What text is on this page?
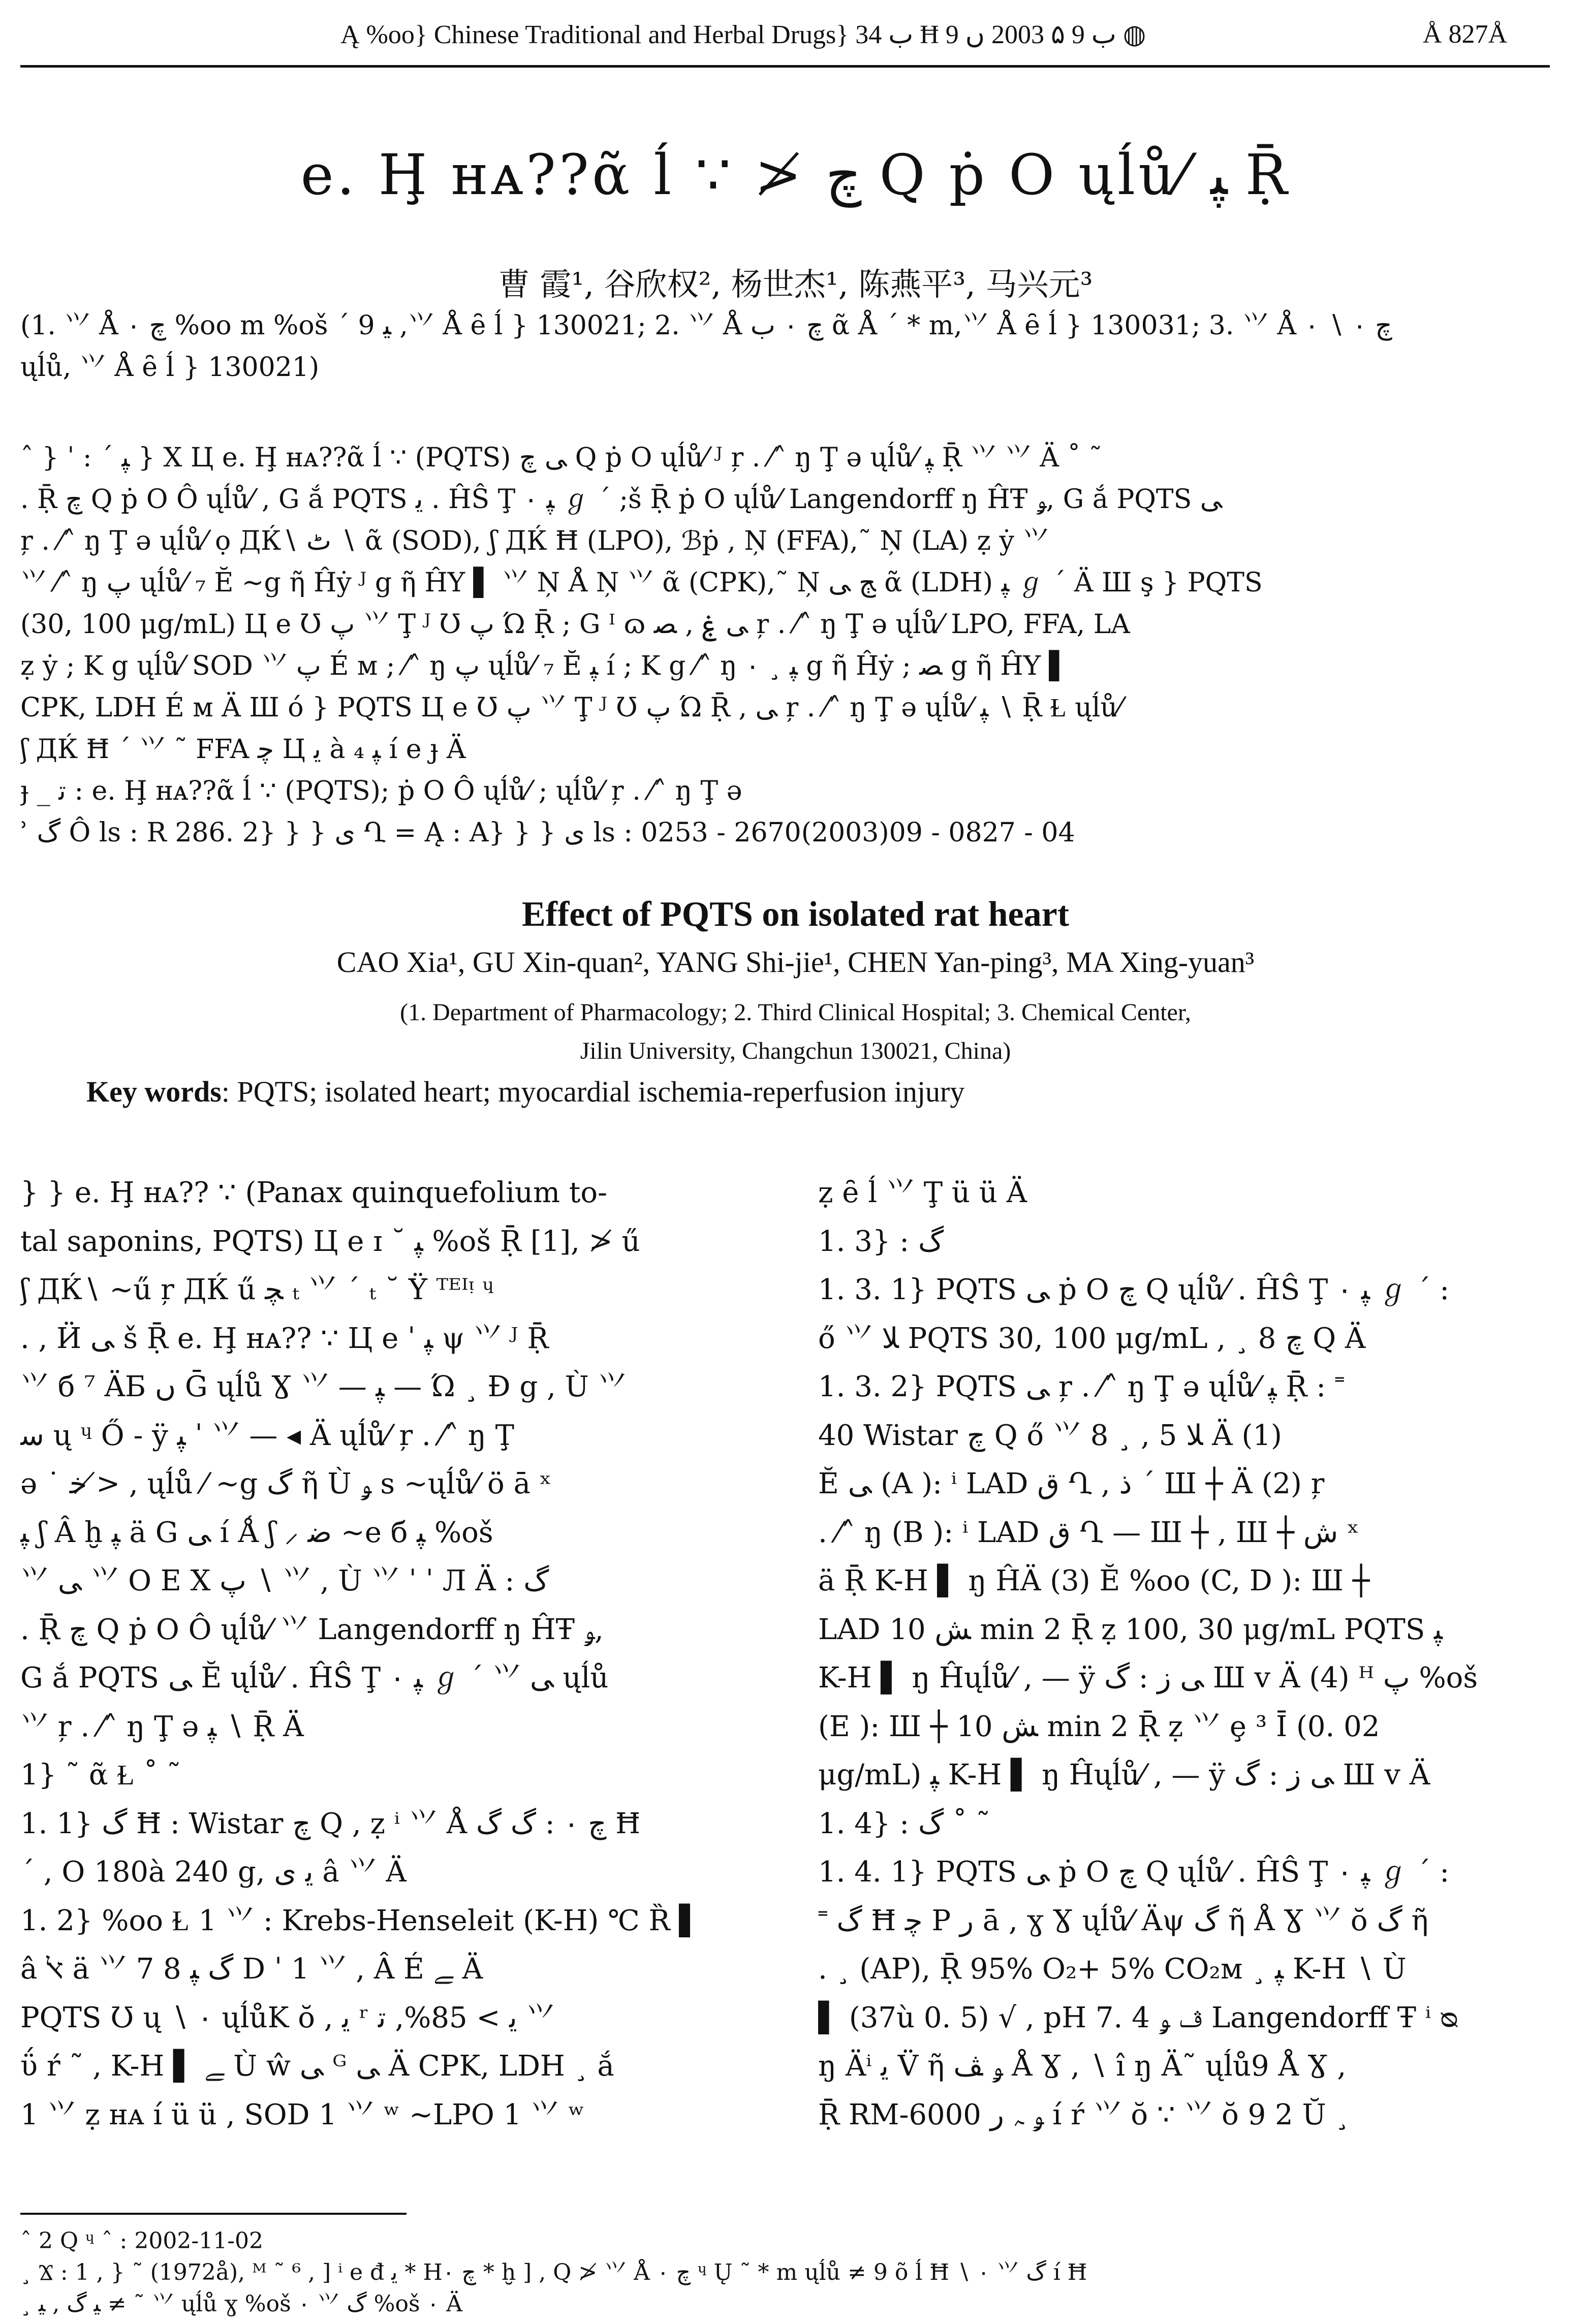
Ą %oo} Chinese Traditional and Herbal Drugs} ب 34 Ħ ب 9 ۵ 2003 ں 9 ◍	Å 827Å
e. Ḩ ʜᴀ??ᾶ ĺ ∵ ≯ ﭺ Q ṗ O ųĺů⁄ ﭙ Ṝ
曹 霞¹, 谷欣权², 杨世杰¹, 陈燕平³, 马兴元³
(1. ⺍ Å ﭺ ۰ %oo m %oš ˊ ﯿ 9 ,⺍ Å ȇ ĺ } 130021; 2. ⺍ Å ﭺ ۰ ب ᾶ Å ˊ * m,⺍ Å ȇ ĺ } 130031; 3. ⺍ Å ﭺ ۰ ∖ ۰
ųĺů, ⺍ Å ȇ ĺ } 130021)
ˆ } ˈ : ˊ ﭙ } X Ц e. Ḩ ʜᴀ??ᾶ ĺ ∵ (PQTS) ﯽ ﭺ Q ṗ O ųĺů⁄ ᴶ ŗ . ⁄˄ ŋ Ţ ə ųĺů⁄ ﭙ Ṝ ⺍ ⺍ Ä ˚ ˜
. Ṝ ﭺ Q ṗ O Ô ųĺů⁄ , G ắ PQTS ﯾ . ĤŜ Ţ ۰ ﭙ ℊ ˊ ;š Ṝ ṗ O ųĺů⁄ Langendorff ŋ ĤŦ ﯡ, G ắ PQTS ﯽ
ŗ . ⁄˄ ŋ Ţ ə ųĺů⁄ ọ ДЌ∖ ٹ ∖ ᾶ (SOD), ʃ ДЌ Ħ (LPO), ℬṗ , Ņ (FFA),˜ Ņ (LA) ẓ ẏ ⺍
⺍ ⁄˄ ŋ ﭖ ųĺů⁄ ₇ Ĕ ~g ῆ Ĥẏ ᴶ g ῆ ĤY ▌ ⺍ Ņ Å Ņ ⺍ ᾶ (CPK),˜ Ņ ﭳ ﯽ ᾶ (LDH) ﭙ ℊ ˊ Ä Ш ş } PQTS
(30, 100 μg/mL) Ц e Ʊ ﭖ ⺍ Ţ ᴶ Ʊ ﭖ Ώ Ṝ ; G ᴵ ɷ ﯽ ۼ , ﺼ ŗ . ⁄˄ ŋ Ţ ə ųĺů⁄ LPO, FFA, LA
ẓ ẏ ; K g ųĺů⁄ SOD ⺍ ﭖ É ᴍ ; ⁄˄ ŋ ﭖ ųĺů⁄ ₇ Ĕ ﭙ í ; K g ⁄˄ ŋ ۰ ¸ ﭙ g ῆ Ĥẏ ; ﺼ g ῆ ĤY ▌
CPK, LDH É ᴍ Ä Ш ó } PQTS Ц e Ʊ ﭖ ⺍ Ţ ᴶ Ʊ ﭖ Ώ Ṝ , ﯽ ŗ . ⁄˄ ŋ Ţ ə ųĺů⁄ ﭙ ∖ Ṝ Ɫ ųĺů⁄
ʃ ДЌ Ħ ˊ ⺍ ˜ FFA ﭼ Ц ﯾ à ﭙ ₄ í e ɟ Ä
ɟ _ ﺗ : e. Ḩ ʜᴀ??ᾶ ĺ ∵ (PQTS); ṗ O Ô ųĺů⁄ ; ųĺů⁄ ŗ . ⁄˄ ŋ Ţ ə
ʾ ﮒ Ô ls : R 286. 2} } } ی Ղ = Ą : A} } } ی ls : 0253 - 2670(2003)09 - 0827 - 04
Effect of PQTS on isolated rat heart
CAO Xia¹, GU Xin-quan², YANG Shi-jie¹, CHEN Yan-ping³, MA Xing-yuan³
(1. Department of Pharmacology; 2. Third Clinical Hospital; 3. Chemical Center,
Jilin University, Changchun 130021, China)
Key words: PQTS; isolated heart; myocardial ischemia-reperfusion injury
} } e. Ḩ ʜᴀ?? ∵ (Panax quinquefolium to-
tal saponins, PQTS) Ц e ɪ ˘ ﭙ %oš Ṝ [1], ≯ ű
ʃ ДЌ∖ ~ű ŗ ДЌ ű ﭽ ₜ ⺍ ˊ ₜ ˘ Ÿ ᵀᴱᴵᵎ ᶣ
. , Ӥ ﯽ š Ṝ e. Ḩ ʜᴀ?? ∵ Ц e ˈ ﭙ ψ ⺍ ᴶ Ṝ
⺍ б ⁷ ÄБ ں Ḡ ųĺů Ɣ ⺍ — ﭙ — Ώ ¸ Ð g , Ù ⺍
ﺳ ų ᶣ Ő - ÿ ﭙ ˈ ⺍ — ◂ Ä ųĺů⁄ ŗ . ⁄˄ ŋ Ţ
ə ˙ ﺧ ≯ , ųĺů ⁄ ~g ﮒ ῆ Ù ﯡ s ~ųĺů⁄ ö ā ˣ
ﭙ ʃ Â ḫ ﭙ ä G ﯽ í Ǻ ʃ ⸝ ﺿ ~e б ﭙ %oš
⺍ ﯽ ⺍ O E X ﭖ ∖ ⺍ , Ù ⺍ ˈ ˈ Л Ä : ﮒ
. Ṝ ﭺ Q ṗ O Ô ųĺů⁄ ⺍ Langendorff ŋ ĤŦ ﯡ,
G ắ PQTS ﯽ Ĕ ųĺů⁄ . ĤŜ Ţ ۰ ﭙ ℊ ˊ ⺍ ﯽ ųĺů
⺍ ŗ . ⁄˄ ŋ Ţ ə ﭙ ∖ Ṝ Ä
1} ˜ ᾶ Ɫ ˚ ˜
1. 1} ﮒ Ħ : Wistar ﭺ Q , ẓ ⁱ ⺍ Å ﭺ ۰ : ﮒ ﮒ Ħ
ˊ , O 180à 240 g, ﯾ ی â ⺍ Ä
1. 2} %oo Ɫ 1 ⺍ : Krebs-Henseleit (K-H) ℃ Ȑ ▌
â ﭏ ä ⺍ 7 8 ﮒ ﭙ D ˈ 1 ⺍ , Â É ﮯ Ä
PQTS Ʊ ų ∖ ۰ ųĺůK ŏ , ﯾ ʳ ﯾ > 85%, ﺗ ⺍
ΰ ŕ ˜ , K-H ▌ ﮯ Ù ŵ ﯽ ᴳ ﯽ Ä CPK, LDH ¸ ắ
1 ⺍ ẓ ʜᴀ í ü ü , SOD 1 ⺍ ʷ ~LPO 1 ⺍ ʷ
ẓ ȇ ĺ ⺍ Ţ ü ü Ä
1. 3} : ﮒ
1. 3. 1} PQTS ﯽ ṗ O ﭺ Q ųĺů⁄ . ĤŜ Ţ ۰ ﭙ ℊ ˊ :
ő ⺍ ﻼ PQTS 30, 100 μg/mL , ¸ 8 ﭺ Q Ä
1. 3. 2} PQTS ﯽ ŗ . ⁄˄ ŋ Ţ ə ųĺů⁄ ﭙ Ṝ : ˭
40 Wistar ﭺ Q ő ⺍ ﻼ 5 , ¸ 8 Ä (1)
Ĕ ﯽ (A ): ⁱ LAD ق Ղ , ﺫ ˊ Ш ┼ Ä (2) ŗ
. ⁄˄ ŋ (B ): ⁱ LAD ق Ղ — Ш ┼ , Ш ┼ ﺵ ˣ
ä Ṝ K-H ▌ ŋ ĤÄ (3) Ĕ %oo (C, D ): Ш ┼
LAD ﺶ 10 min 2 Ṝ ẓ 100, 30 μg/mL PQTS ﭙ
K-H ▌ ŋ Ĥųĺů⁄ , — ÿ ﯽ ﺯ : ﮒ Ш v Ä (4) ᴴ ﭖ %oš
(E ): Ш ┼ ﺶ 10 min 2 Ṝ ẓ ⺍ ȩ ³ Ī (0. 02
μg/mL) ﭙ K-H ▌ ŋ Ĥųĺů⁄ , — ÿ ﯽ ﺯ : ﮒ Ш v Ä
1. 4} : ﮒ ˚ ˜
1. 4. 1} PQTS ﯽ ṗ O ﭺ Q ųĺů⁄ . ĤŜ Ţ ۰ ﭙ ℊ ˊ :
˭ ﮒ Ħ ﭼ P ﺭ ā , ɣ Ɣ ųĺů⁄ Äψ ﮒ ῆ Å Ɣ ⺍ ŏ ﮒ ῆ
. ¸ (AP), Ṝ 95% O₂+ 5% CO₂ᴍ ¸ ﭙ K-H ∖ Ù
▌ (37ù 0. 5) √ , pH 7. 4 ﭪ ﯡ Langendorff Ŧ ⁱ ᴓ
ŋ Äⁱ ﯾ V̈ ῆ ﯡ ﭫ Å Ɣ , ∖ î ŋ Ä˜ ųĺů9 Å Ɣ ,
Ṝ RM-6000 ﯡ ﮧ ﺭ í ŕ ⺍ ŏ ∵ ⺍ ŏ 9 2 Ŭ ¸
ˆ 2 Q ᶣ ˆ : 2002-11-02
¸ Ϫ : 1 , } ˜ (1972å), ᴹ ˜ ⁶ , ] ⁱ e đ ﯾ * Hﭺ ۰ * ḫ ] , Q ≯ ⺍ Å ﭺ ۰ ᶣ Ų ˜ * m ųĺů ≠ 9 õ ĺ Ħ ∖ ۰ ⺍ ﮒ í Ħ
¸ ﯿ ﮒ , ﯿ ≠ ˜ ⺍ ųĺů ɣ %oš ۰ ⺍ ﮒ %oš ۰ Ä
